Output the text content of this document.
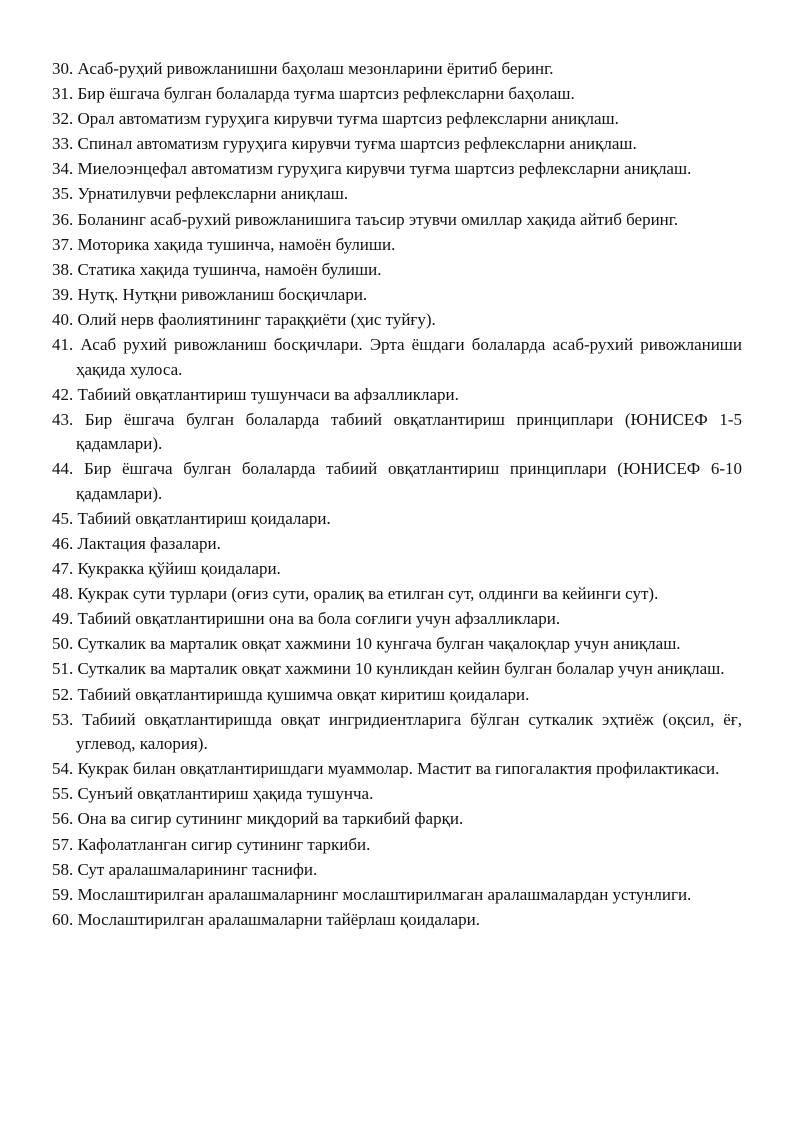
30. Асаб-руҳий ривожланишни баҳолаш мезонларини ёритиб беринг.
31. Бир ёшгача булган болаларда туғма шартсиз рефлексларни баҳолаш.
32. Орал автоматизм гуруҳига кирувчи туғма шартсиз рефлексларни аниқлаш.
33. Спинал автоматизм гуруҳига кирувчи туғма шартсиз рефлексларни аниқлаш.
34. Миелоэнцефал автоматизм гуруҳига кирувчи туғма шартсиз рефлексларни аниқлаш.
35. Урнатилувчи рефлексларни аниқлаш.
36. Боланинг асаб-рухий ривожланишига таъсир этувчи омиллар хақида айтиб беринг.
37. Моторика хақида тушинча, намоён булиши.
38. Статика хақида тушинча, намоён булиши.
39. Нутқ. Нутқни ривожланиш босқичлари.
40. Олий нерв фаолиятининг тараққиёти (ҳис туйғу).
41. Асаб рухий ривожланиш босқичлари. Эрта ёшдаги болаларда асаб-рухий ривожланиши ҳақида хулоса.
42. Табиий овқатлантириш тушунчаси ва афзалликлари.
43. Бир ёшгача булган болаларда табиий овқатлантириш принциплари (ЮНИСЕФ 1-5 қадамлари).
44. Бир ёшгача булган болаларда табиий овқатлантириш принциплари (ЮНИСЕФ 6-10 қадамлари).
45. Табиий овқатлантириш қоидалари.
46. Лактация фазалари.
47. Кукракка қўйиш қоидалари.
48. Кукрак сути турлари (оғиз сути, оралиқ ва етилган сут, олдинги ва кейинги сут).
49. Табиий овқатлантиришни она ва бола соғлиги учун афзалликлари.
50. Суткалик ва марталик овқат хажмини 10 кунгача булган чақалоқлар учун аниқлаш.
51. Суткалик ва марталик овқат хажмини 10 кунликдан кейин булган болалар учун аниқлаш.
52. Табиий овқатлантиришда қушимча овқат киритиш қоидалари.
53. Табиий овқатлантиришда овқат ингридиентларига бўлган суткалик эҳтиёж (оқсил, ёғ, углевод, калория).
54. Кукрак билан овқатлантиришдаги муаммолар. Мастит ва гипогалактия профилактикаси.
55. Сунъий овқатлантириш ҳақида тушунча.
56. Она ва сигир сутининг миқдорий ва таркибий фарқи.
57. Кафолатланган сигир сутининг таркиби.
58. Сут аралашмаларининг таснифи.
59. Мослаштирилган аралашмаларнинг мослаштирилмаган аралашмалардан устунлиги.
60. Мослаштирилган аралашмаларни тайёрлаш қоидалари.
